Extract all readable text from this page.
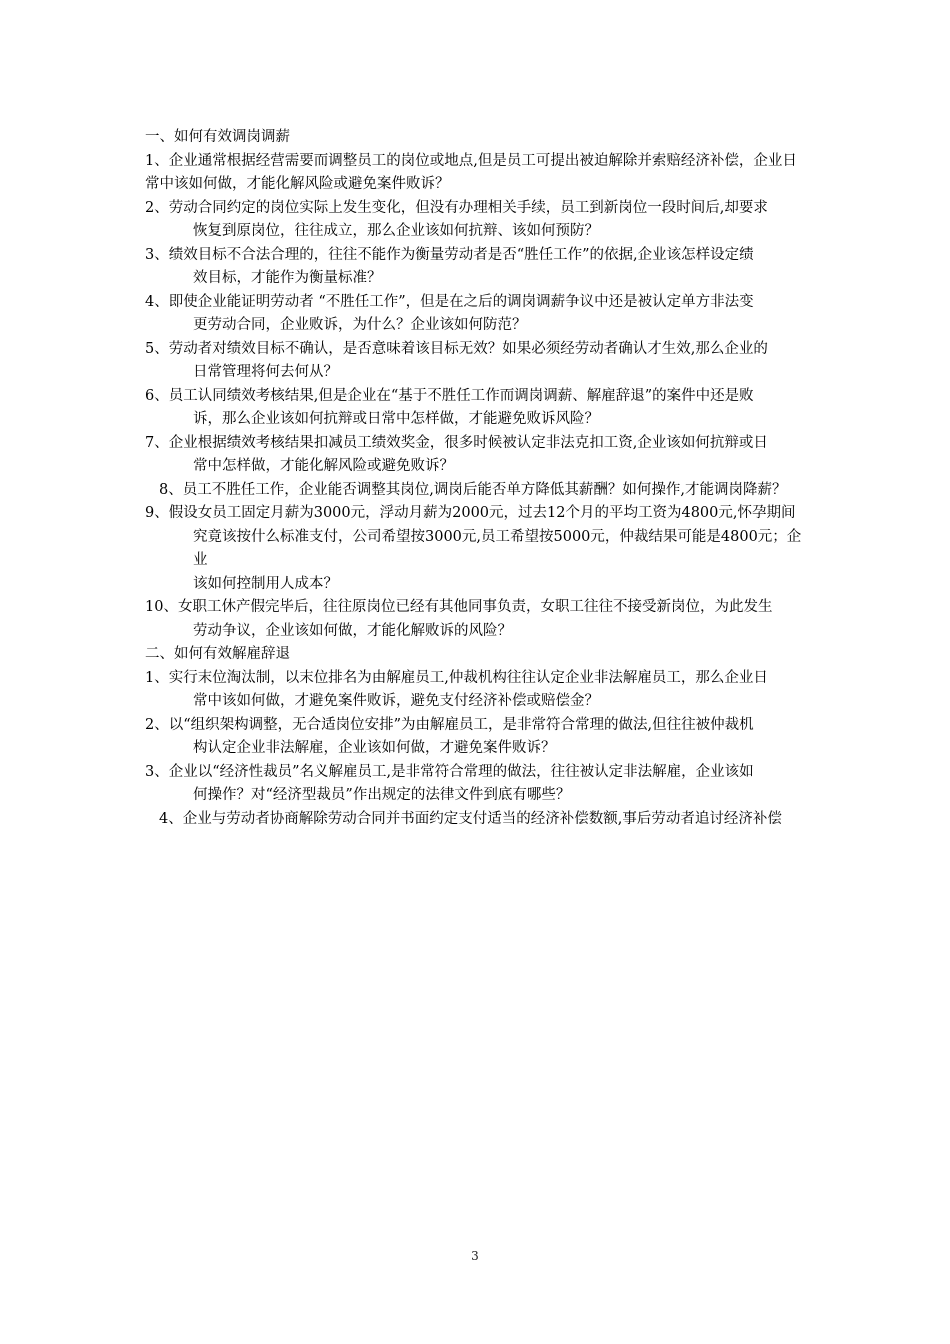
一、如何有效调岗调薪

1、企业通常根据经营需要而调整员工的岗位或地点,但是员工可提出被迫解除并索赔经济补偿，企业日常中该如何做，才能化解风险或避免案件败诉？

2、劳动合同约定的岗位实际上发生变化，但没有办理相关手续，员工到新岗位一段时间后,却要求

恢复到原岗位，往往成立，那么企业该如何抗辩、该如何预防？

3、绩效目标不合法合理的，往往不能作为衡量劳动者是否“胜任工作”的依据,企业该怎样设定绩

效目标，才能作为衡量标准？

4、即使企业能证明劳动者 “不胜任工作”，但是在之后的调岗调薪争议中还是被认定单方非法变

更劳动合同，企业败诉，为什么？企业该如何防范？

5、劳动者对绩效目标不确认，是否意味着该目标无效？如果必须经劳动者确认才生效,那么企业的

日常管理将何去何从？

6、员工认同绩效考核结果,但是企业在“基于不胜任工作而调岗调薪、解雇辞退”的案件中还是败

诉，那么企业该如何抗辩或日常中怎样做，才能避免败诉风险？

7、企业根据绩效考核结果扣减员工绩效奖金，很多时候被认定非法克扣工资,企业该如何抗辩或日

常中怎样做，才能化解风险或避免败诉？

8、员工不胜任工作，企业能否调整其岗位,调岗后能否单方降低其薪酬？如何操作,才能调岗降薪？

9、假设女员工固定月薪为3000元，浮动月薪为2000元，过去12个月的平均工资为4800元,怀孕期间

究竟该按什么标准支付，公司希望按3000元,员工希望按5000元，仲裁结果可能是4800元；企业

该如何控制用人成本？

10、女职工休产假完毕后，往往原岗位已经有其他同事负责，女职工往往不接受新岗位，为此发生

劳动争议，企业该如何做，才能化解败诉的风险？

二、如何有效解雇辞退

1、实行末位淘汰制，以末位排名为由解雇员工,仲裁机构往往认定企业非法解雇员工，那么企业日

常中该如何做，才避免案件败诉，避免支付经济补偿或赔偿金？

2、以“组织架构调整，无合适岗位安排”为由解雇员工，是非常符合常理的做法,但往往被仲裁机

构认定企业非法解雇，企业该如何做，才避免案件败诉？

3、企业以“经济性裁员”名义解雇员工,是非常符合常理的做法，往往被认定非法解雇，企业该如

何操作？对“经济型裁员”作出规定的法律文件到底有哪些？

4、企业与劳动者协商解除劳动合同并书面约定支付适当的经济补偿数额,事后劳动者追讨经济补偿

3
